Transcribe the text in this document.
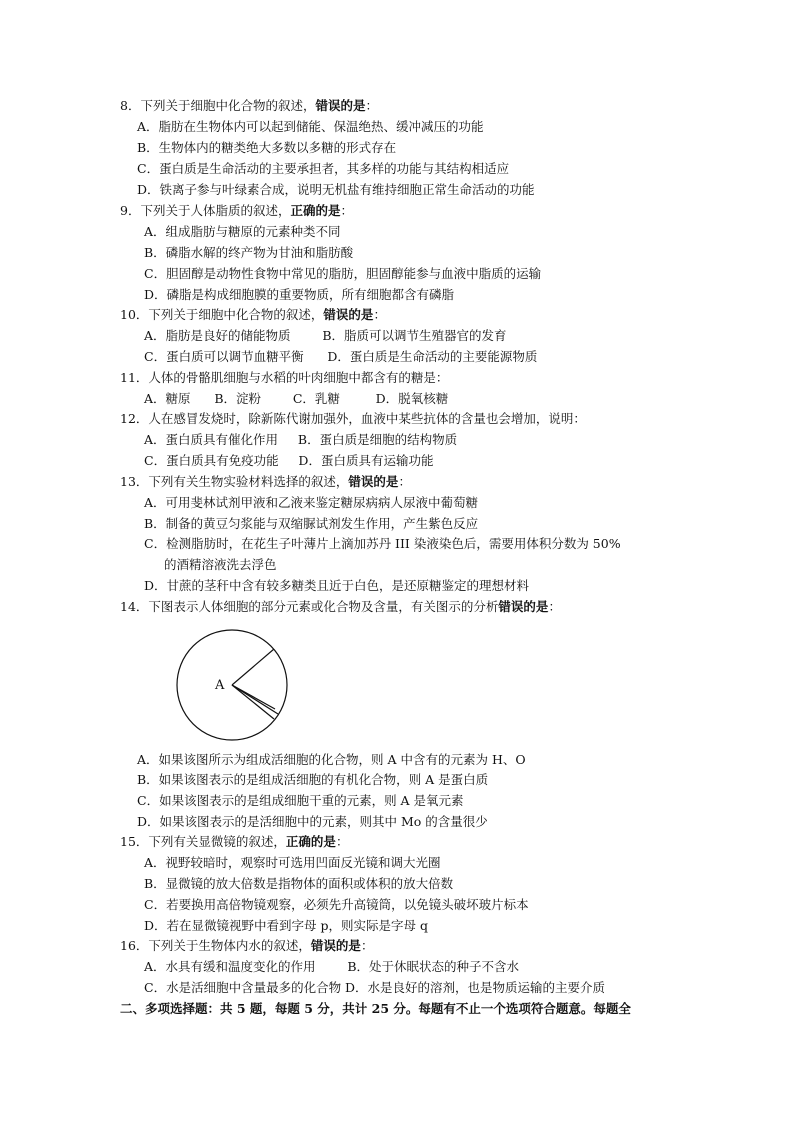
8．下列关于细胞中化合物的叙述，错误的是：
A．脂肪在生物体内可以起到储能、保温绝热、缓冲减压的功能
B．生物体内的糖类绝大多数以多糖的形式存在
C．蛋白质是生命活动的主要承担者，其多样的功能与其结构相适应
D．铁离子参与叶绿素合成，说明无机盐有维持细胞正常生命活动的功能
9．下列关于人体脂质的叙述，正确的是：
A．组成脂肪与糖原的元素种类不同
B．磷脂水解的终产物为甘油和脂肪酸
C．胆固醇是动物性食物中常见的脂肪，胆固醇能参与血液中脂质的运输
D．磷脂是构成细胞膜的重要物质，所有细胞都含有磷脂
10．下列关于细胞中化合物的叙述，错误的是：
A．脂肪是良好的储能物质        B．脂质可以调节生殖器官的发育
C．蛋白质可以调节血糖平衡      D．蛋白质是生命活动的主要能源物质
11．人体的骨骼肌细胞与水稻的叶肉细胞中都含有的糖是：
A．糖原      B．淀粉        C．乳糖         D．脱氧核糖
12．人在感冒发烧时，除新陈代谢加强外，血液中某些抗体的含量也会增加，说明：
A．蛋白质具有催化作用     B．蛋白质是细胞的结构物质
C．蛋白质具有免疫功能     D．蛋白质具有运输功能
13．下列有关生物实验材料选择的叙述，错误的是：
A．可用斐林试剂甲液和乙液来鉴定糖尿病病人尿液中葡萄糖
B．制备的黄豆匀浆能与双缩脲试剂发生作用，产生紫色反应
C．检测脂肪时，在花生子叶薄片上滴加苏丹 III 染液染色后，需要用体积分数为 50%
的酒精溶液洗去浮色
D．甘蔗的茎秆中含有较多糖类且近于白色，是还原糖鉴定的理想材料
14．下图表示人体细胞的部分元素或化合物及含量，有关图示的分析错误的是：
A
A．如果该图所示为组成活细胞的化合物，则 A 中含有的元素为 H、O
B．如果该图表示的是组成活细胞的有机化合物，则 A 是蛋白质
C．如果该图表示的是组成细胞干重的元素，则 A 是氧元素
D．如果该图表示的是活细胞中的元素，则其中 Mo 的含量很少
15．下列有关显微镜的叙述，正确的是：
A．视野较暗时，观察时可选用凹面反光镜和调大光圈
B．显微镜的放大倍数是指物体的面积或体积的放大倍数
C．若要换用高倍物镜观察，必须先升高镜筒，以免镜头破坏玻片标本
D．若在显微镜视野中看到字母 p，则实际是字母 q
16．下列关于生物体内水的叙述，错误的是：
A．水具有缓和温度变化的作用        B．处于休眠状态的种子不含水
C．水是活细胞中含量最多的化合物 D．水是良好的溶剂，也是物质运输的主要介质
二、多项选择题：共 5 题，每题 5 分，共计 25 分。每题有不止一个选项符合题意。每题全
